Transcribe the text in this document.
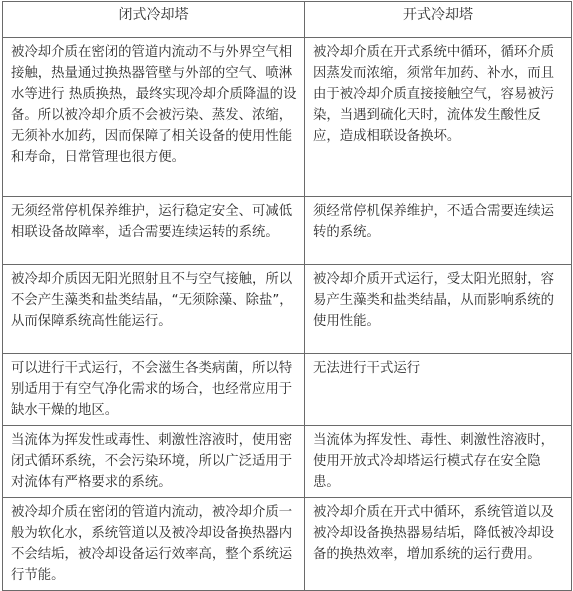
闭式冷却塔	开式冷却塔
被冷却介质在密闭的管道内流动不与外界空气相接触，热量通过换热器管壁与外部的空气、喷淋水等进行 热质换热，最终实现冷却介质降温的设备。所以被冷却介质不会被污染、蒸发、浓缩，无须补水加药，因而保障了相关设备的使用性能和寿命，日常管理也很方便。	被冷却介质在开式系统中循环，循环介质因蒸发而浓缩，须常年加药、补水，而且由于被冷却介质直接接触空气，容易被污染，当遇到硫化天时，流体发生酸性反应，造成相联设备换坏。
无须经常停机保养维护，运行稳定安全、可减低相联设备故障率，适合需要连续运转的系统。	须经常停机保养维护，不适合需要连续运转的系统。
被冷却介质因无阳光照射且不与空气接触，所以不会产生藻类和盐类结晶，“无须除藻、除盐”，从而保障系统高性能运行。	被冷却介质开式运行，受太阳光照射，容易产生藻类和盐类结晶，从而影响系统的使用性能。
可以进行干式运行，不会滋生各类病菌，所以特别适用于有空气净化需求的场合，也经常应用于缺水干燥的地区。	无法进行干式运行
当流体为挥发性或毒性、刺激性溶液时，使用密闭式循环系统，不会污染环境，所以广泛适用于对流体有严格要求的系统。	当流体为挥发性、毒性、刺激性溶液时，使用开放式冷却塔运行模式存在安全隐患。
被冷却介质在密闭的管道内流动，被冷却介质一般为软化水，系统管道以及被冷却设备换热器内不会结垢，被冷却设备运行效率高，整个系统运行节能。	被冷却介质在开式中循环，系统管道以及被冷却设备换热器易结垢，降低被冷却设备的换热效率，增加系统的运行费用。
